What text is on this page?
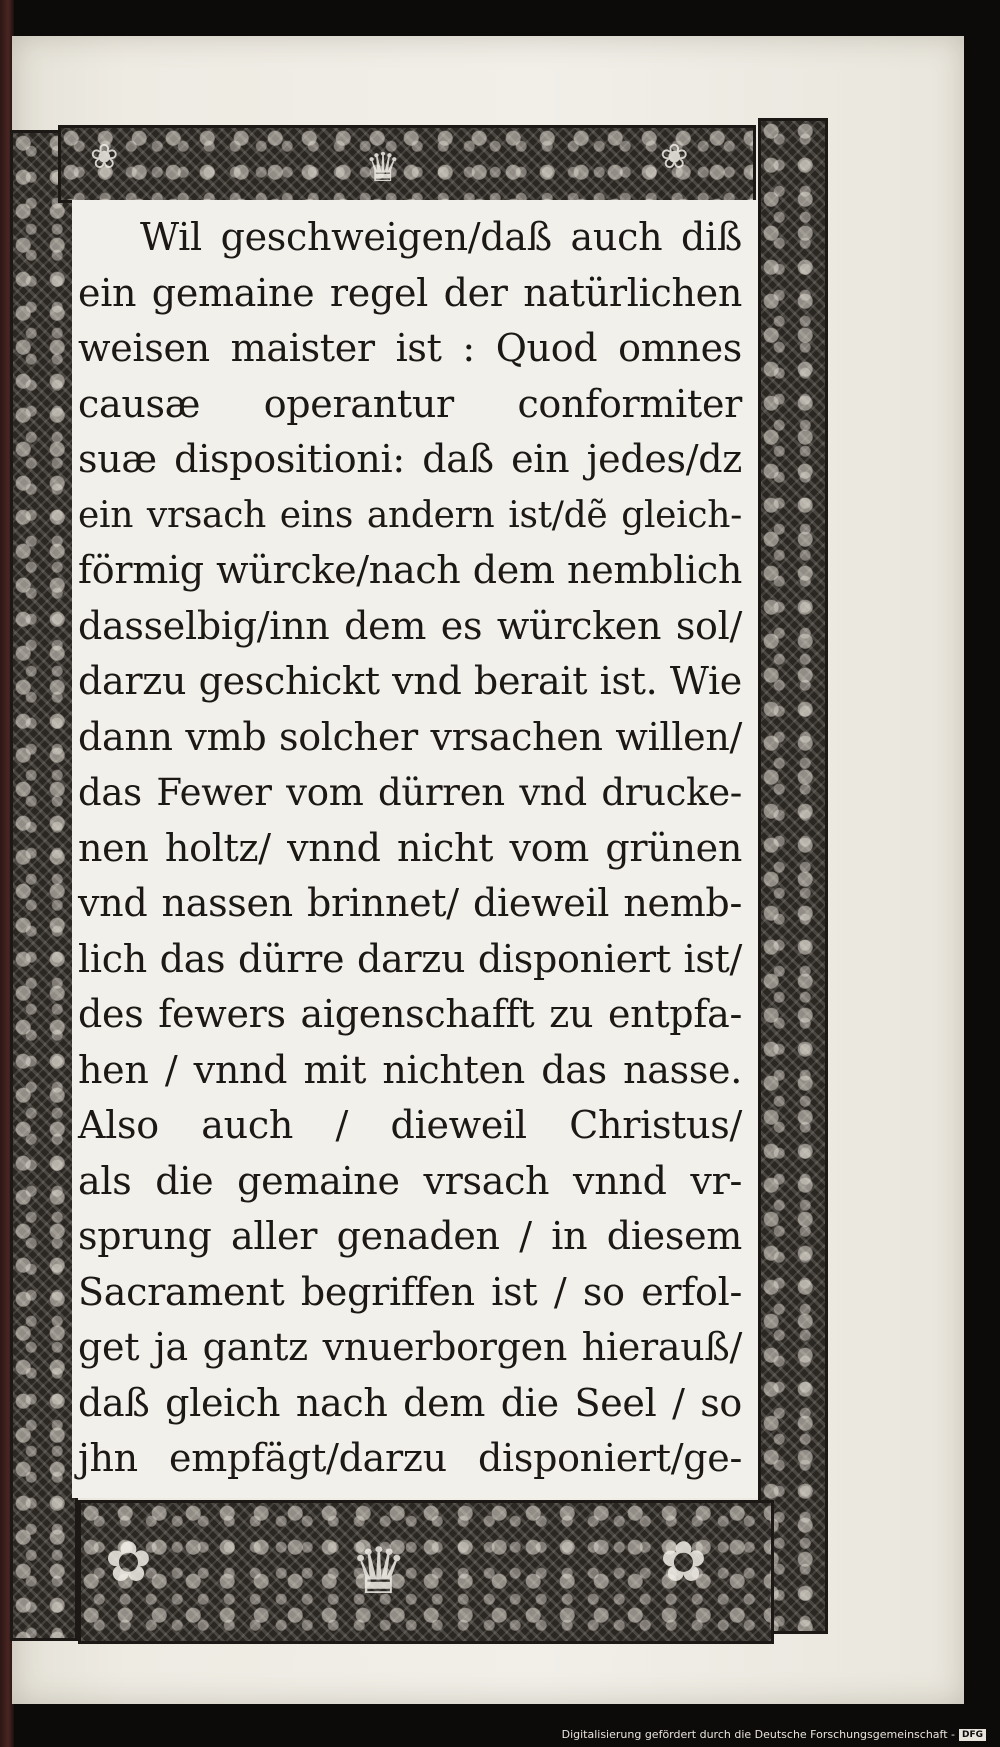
♛
❀	❀
♛
✿	✿
Wil geschweigen/daß auch diß
ein gemaine regel der natürlichen
weisen maister ist : Quod omnes
causæ operantur conformiter
suæ dispositioni: daß ein jedes/dz
ein vrsach eins andern ist/dẽ gleich-
förmig würcke/nach dem nemblich
dasselbig/inn dem es würcken sol/
darzu geschickt vnd berait ist. Wie
dann vmb solcher vrsachen willen/
das Fewer vom dürren vnd drucke-
nen holtz/ vnnd nicht vom grünen
vnd nassen brinnet/ dieweil nemb-
lich das dürre darzu disponiert ist/
des fewers aigenschafft zu entpfa-
hen / vnnd mit nichten das nasse.
Also auch / dieweil Christus/
als die gemaine vrsach vnnd vr-
sprung aller genaden / in diesem
Sacrament begriffen ist / so erfol-
get ja gantz vnuerborgen hierauß/
daß gleich nach dem die Seel / so
jhn empfägt/darzu disponiert/ge-
Digitalisierung gefördert durch die Deutsche Forschungsgemeinschaft - DFG
